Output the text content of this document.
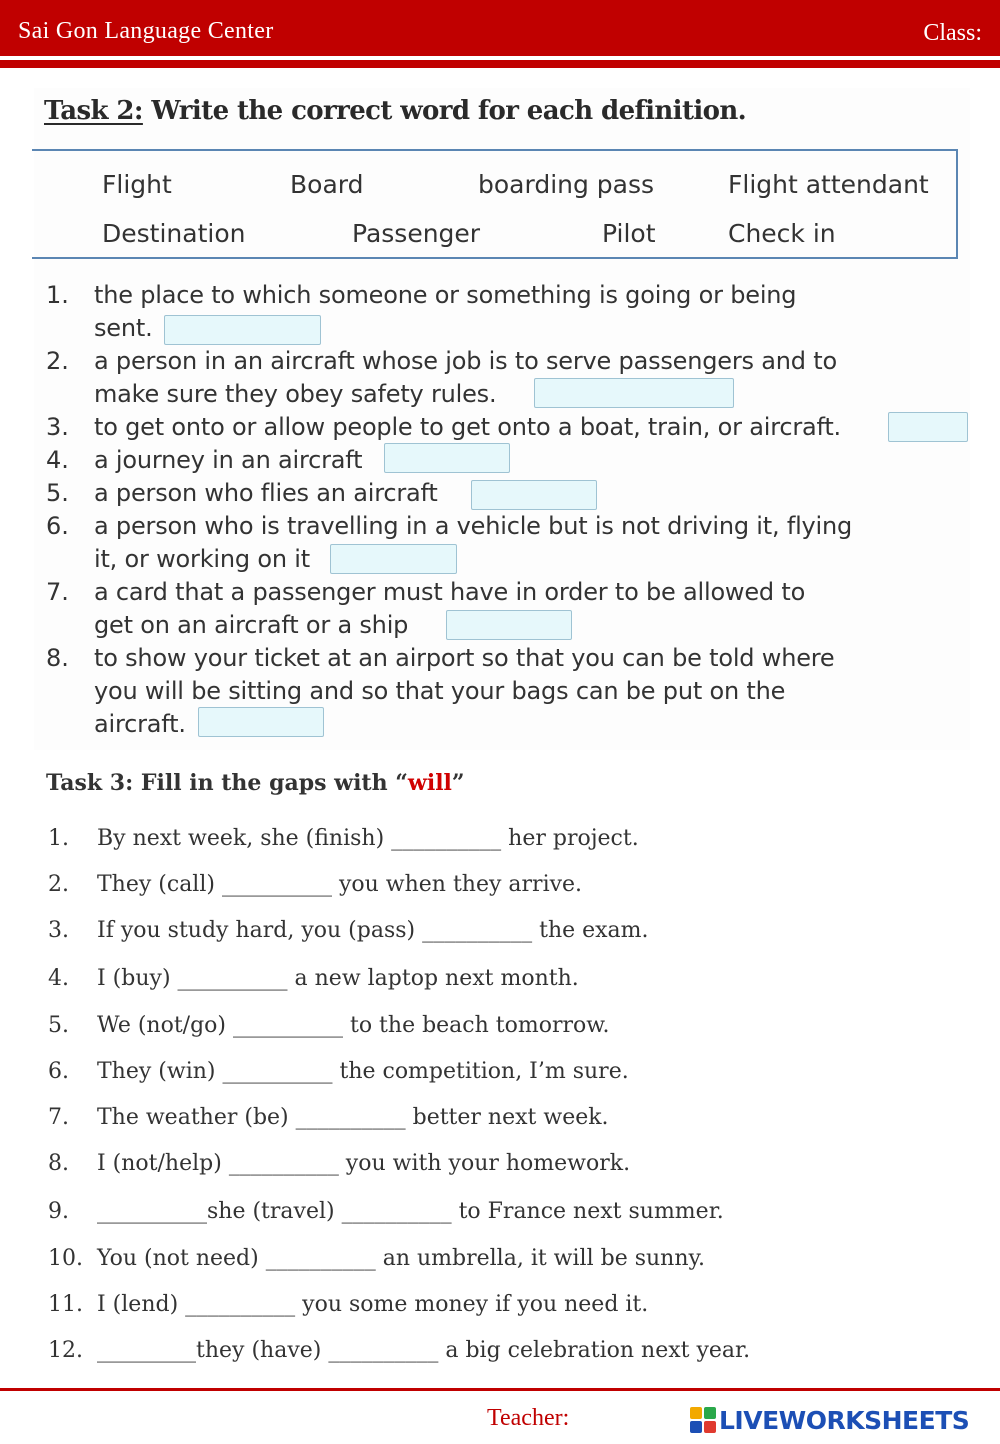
Sai Gon Language Center	Class:
Task 2: Write the correct word for each definition.
Flight	Board	boarding pass	Flight attendant
Destination	Passenger	Pilot	Check in
1. the place to which someone or something is going or being
sent.
2. a person in an aircraft whose job is to serve passengers and to
make sure they obey safety rules.
3. to get onto or allow people to get onto a boat, train, or aircraft.
4. a journey in an aircraft
5. a person who flies an aircraft
6. a person who is travelling in a vehicle but is not driving it, flying
it, or working on it
7. a card that a passenger must have in order to be allowed to
get on an aircraft or a ship
8. to show your ticket at an airport so that you can be told where
you will be sitting and so that your bags can be put on the
aircraft.
Task 3: Fill in the gaps with “will”
1. By next week, she (finish) __________ her project.
2. They (call) __________ you when they arrive.
3. If you study hard, you (pass) __________ the exam.
4. I (buy) __________ a new laptop next month.
5. We (not/go) __________ to the beach tomorrow.
6. They (win) __________ the competition, I’m sure.
7. The weather (be) __________ better next week.
8. I (not/help) __________ you with your homework.
9. __________she (travel) __________ to France next summer.
10. You (not need) __________ an umbrella, it will be sunny.
11. I (lend) __________ you some money if you need it.
12. _________they (have) __________ a big celebration next year.
Teacher:	LIVEWORKSHEETS
